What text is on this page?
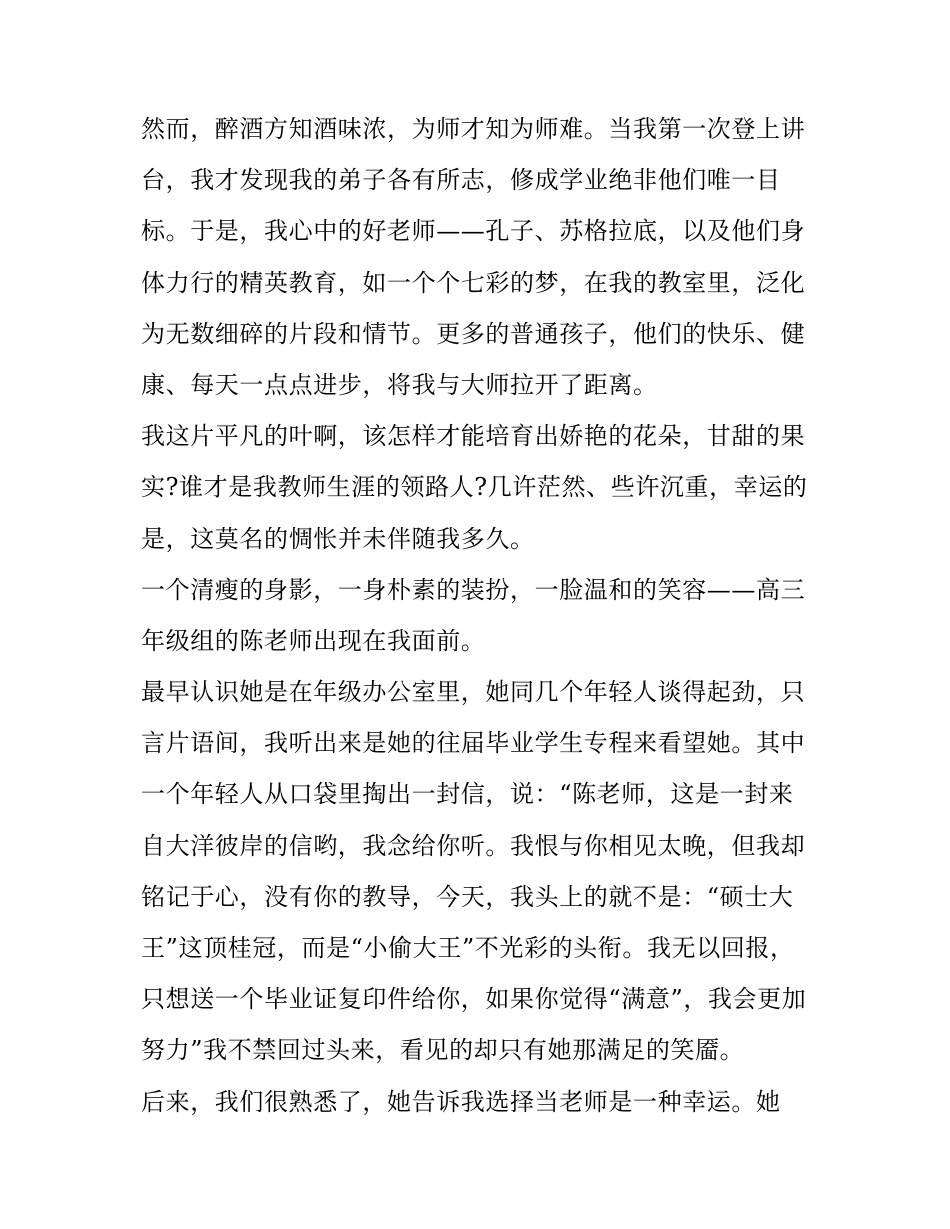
然而，醉酒方知酒味浓，为师才知为师难。当我第一次登上讲
台，我才发现我的弟子各有所志，修成学业绝非他们唯一目
标。于是，我心中的好老师——孔子、苏格拉底，以及他们身
体力行的精英教育，如一个个七彩的梦，在我的教室里，泛化
为无数细碎的片段和情节。更多的普通孩子，他们的快乐、健
康、每天一点点进步，将我与大师拉开了距离。
我这片平凡的叶啊，该怎样才能培育出娇艳的花朵，甘甜的果
实?谁才是我教师生涯的领路人?几许茫然、些许沉重，幸运的
是，这莫名的惆怅并未伴随我多久。
一个清瘦的身影，一身朴素的装扮，一脸温和的笑容——高三
年级组的陈老师出现在我面前。
最早认识她是在年级办公室里，她同几个年轻人谈得起劲，只
言片语间，我听出来是她的往届毕业学生专程来看望她。其中
一个年轻人从口袋里掏出一封信，说：“陈老师，这是一封来
自大洋彼岸的信哟，我念给你听。我恨与你相见太晚，但我却
铭记于心，没有你的教导，今天，我头上的就不是：“硕士大
王”这顶桂冠，而是“小偷大王”不光彩的头衔。我无以回报，
只想送一个毕业证复印件给你，如果你觉得“满意”，我会更加
努力”我不禁回过头来，看见的却只有她那满足的笑靥。
后来，我们很熟悉了，她告诉我选择当老师是一种幸运。她
